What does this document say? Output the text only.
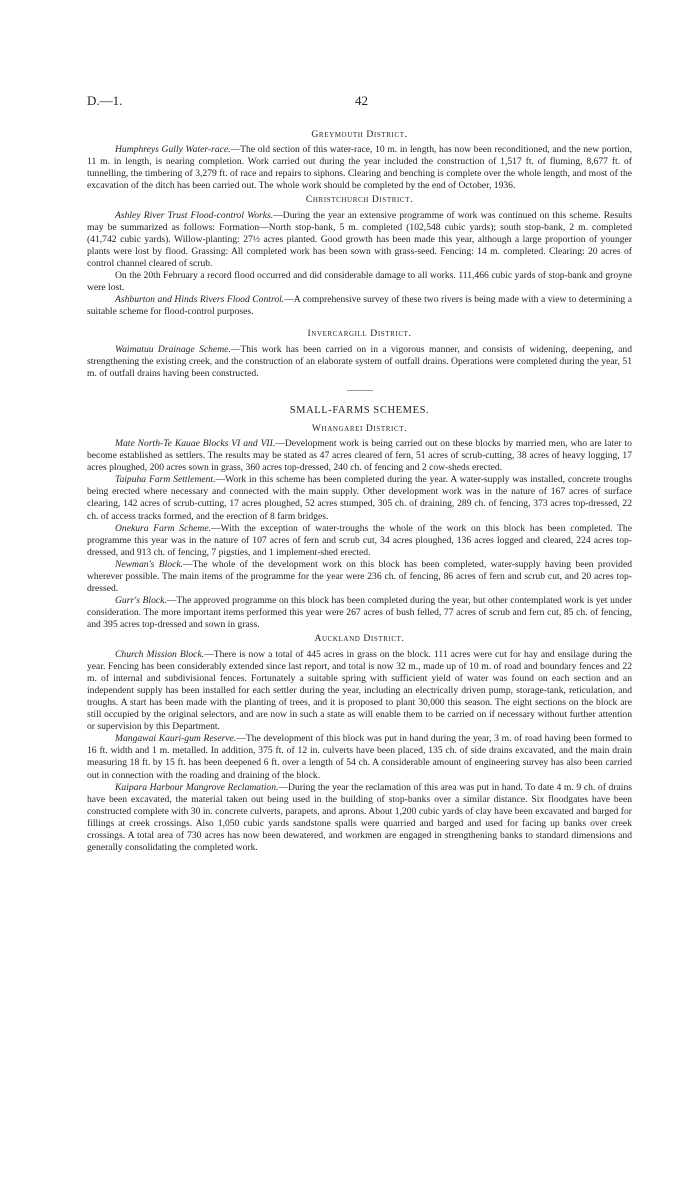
D.—1.	42
Greymouth District.

Humphreys Gully Water-race.—The old section of this water-race, 10 m. in length, has now been reconditioned, and the new portion, 11 m. in length, is nearing completion. Work carried out during the year included the construction of 1,517 ft. of fluming, 8,677 ft. of tunnelling, the timbering of 3,279 ft. of race and repairs to siphons. Clearing and benching is complete over the whole length, and most of the excavation of the ditch has been carried out. The whole work should be completed by the end of October, 1936.

Christchurch District.

Ashley River Trust Flood-control Works.—During the year an extensive programme of work was continued on this scheme. Results may be summarized as follows: Formation—North stop-bank, 5 m. completed (102,548 cubic yards); south stop-bank, 2 m. completed (41,742 cubic yards). Willow-planting: 27½ acres planted. Good growth has been made this year, although a large proportion of younger plants were lost by flood. Grassing: All completed work has been sown with grass-seed. Fencing: 14 m. completed. Clearing: 20 acres of control channel cleared of scrub.

On the 20th February a record flood occurred and did considerable damage to all works. 111,466 cubic yards of stop-bank and groyne were lost.

Ashburton and Hinds Rivers Flood Control.—A comprehensive survey of these two rivers is being made with a view to determining a suitable scheme for flood-control purposes.

Invercargill District.

Waimatuu Drainage Scheme.—This work has been carried on in a vigorous manner, and consists of widening, deepening, and strengthening the existing creek, and the construction of an elaborate system of outfall drains. Operations were completed during the year, 51 m. of outfall drains having been constructed.

SMALL-FARMS SCHEMES.
Whangarei District.

Mate North-Te Kauae Blocks VI and VII.—Development work is being carried out on these blocks by married men, who are later to become established as settlers. The results may be stated as 47 acres cleared of fern, 51 acres of scrub-cutting, 38 acres of heavy logging, 17 acres ploughed, 200 acres sown in grass, 360 acres top-dressed, 240 ch. of fencing and 2 cow-sheds erected.

Taipuha Farm Settlement.—Work in this scheme has been completed during the year. A water-supply was installed, concrete troughs being erected where necessary and connected with the main supply. Other development work was in the nature of 167 acres of surface clearing, 142 acres of scrub-cutting, 17 acres ploughed, 52 acres stumped, 305 ch. of draining, 289 ch. of fencing, 373 acres top-dressed, 22 ch. of access tracks formed, and the erection of 8 farm bridges.

Onekura Farm Scheme.—With the exception of water-troughs the whole of the work on this block has been completed. The programme this year was in the nature of 107 acres of fern and scrub cut, 34 acres ploughed, 136 acres logged and cleared, 224 acres top-dressed, and 913 ch. of fencing, 7 pigsties, and 1 implement-shed erected.

Newman's Block.—The whole of the development work on this block has been completed, water-supply having been provided wherever possible. The main items of the programme for the year were 236 ch. of fencing, 86 acres of fern and scrub cut, and 20 acres top-dressed.

Gurr's Block.—The approved programme on this block has been completed during the year, but other contemplated work is yet under consideration. The more important items performed this year were 267 acres of bush felled, 77 acres of scrub and fern cut, 85 ch. of fencing, and 395 acres top-dressed and sown in grass.

Auckland District.

Church Mission Block.—There is now a total of 445 acres in grass on the block. 111 acres were cut for hay and ensilage during the year. Fencing has been considerably extended since last report, and total is now 32 m., made up of 10 m. of road and boundary fences and 22 m. of internal and subdivisional fences. Fortunately a suitable spring with sufficient yield of water was found on each section and an independent supply has been installed for each settler during the year, including an electrically driven pump, storage-tank, reticulation, and troughs. A start has been made with the planting of trees, and it is proposed to plant 30,000 this season. The eight sections on the block are still occupied by the original selectors, and are now in such a state as will enable them to be carried on if necessary without further attention or supervision by this Department.

Mangawai Kauri-gum Reserve.—The development of this block was put in hand during the year, 3 m. of road having been formed to 16 ft. width and 1 m. metalled. In addition, 375 ft. of 12 in. culverts have been placed, 135 ch. of side drains excavated, and the main drain measuring 18 ft. by 15 ft. has been deepened 6 ft. over a length of 54 ch. A considerable amount of engineering survey has also been carried out in connection with the roading and draining of the block.

Kaipara Harbour Mangrove Reclamation.—During the year the reclamation of this area was put in hand. To date 4 m. 9 ch. of drains have been excavated, the material taken out being used in the building of stop-banks over a similar distance. Six floodgates have been constructed complete with 30 in. concrete culverts, parapets, and aprons. About 1,200 cubic yards of clay have been excavated and barged for fillings at creek crossings. Also 1,050 cubic yards sandstone spalls were quarried and barged and used for facing up banks over creek crossings. A total area of 730 acres has now been dewatered, and workmen are engaged in strengthening banks to standard dimensions and generally consolidating the completed work.
